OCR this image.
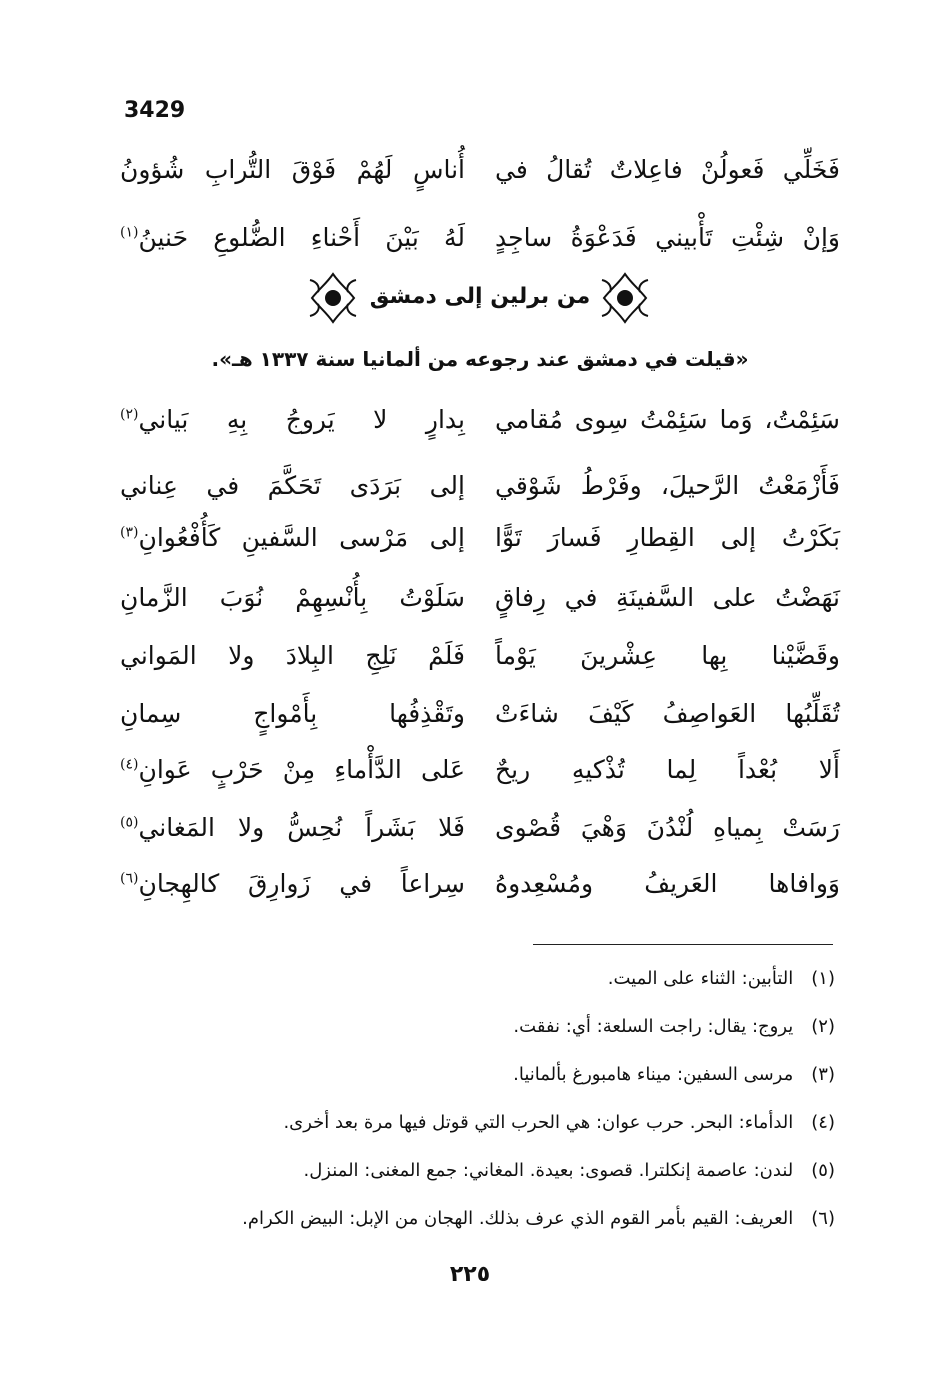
3429
فَخَلِّي فَعولُنْ فاعِلاتٌ تُقالُ في
أُناسٍ لَهُمْ فَوْقَ التُّرابِ شُؤونُ
وَإنْ شِئْتِ تَأْبيني فَدَعْوَةُ ساجِدٍ
لَهُ بَيْنَ أَحْناءِ الضُّلوعِ حَنينُ$^{(١)}$
من برلين إلى دمشق
«قيلت في دمشق عند رجوعه من ألمانيا سنة ١٣٣٧ هـ».
سَئِمْتُ، وَما سَئِمْتُ سِوى مُقامي
بِدارٍ لا يَروجُ بِهِ بَياني$^{(٢)}$
فَأَزْمَعْتُ الرَّحيلَ، وفَرْطُ شَوْقي
إلى بَرَدَى تَحَكَّمَ في عِناني
بَكَرْتُ إلى القِطارِ فَسارَ تَوًّا
إلى مَرْسى السَّفينِ كَأُفْعُوانِ$^{(٣)}$
نَهَضْتُ على السَّفينَةِ في رِفاقٍ
سَلَوْتُ بِأُنْسِهِمْ نُوَبَ الزَّمانِ
وقَضَّيْنا بِها عِشْرينَ يَوْماً
فَلَمْ نَلِجِ البِلادَ ولا المَواني
تُقَلِّبُها العَواصِفُ كَيْفَ شاءَتْ
وتَقْذِفُها بِأَمْواجٍ سِمانِ
أَلا بُعْداً لِما تُذْكيهِ ريحٌ
عَلى الدَّأْماءِ مِنْ حَرْبٍ عَوانِ$^{(٤)}$
رَسَتْ بِمياهِ لُنْدُنَ وَهْيَ قُصْوى
فَلا بَشَراً نُحِسُّ ولا المَغاني$^{(٥)}$
وَوافاها العَريفُ ومُسْعِدوهُ
سِراعاً في زَوارِقَ كالهِجانِ$^{(٦)}$
(١) التأبين: الثناء على الميت.
(٢) يروج: يقال: راجت السلعة: أي: نفقت.
(٣) مرسى السفين: ميناء هامبورغ بألمانيا.
(٤) الدأماء: البحر. حرب عوان: هي الحرب التي قوتل فيها مرة بعد أخرى.
(٥) لندن: عاصمة إنكلترا. قصوى: بعيدة. المغاني: جمع المغنى: المنزل.
(٦) العريف: القيم بأمر القوم الذي عرف بذلك. الهجان من الإبل: البيض الكرام.
٢٢٥
